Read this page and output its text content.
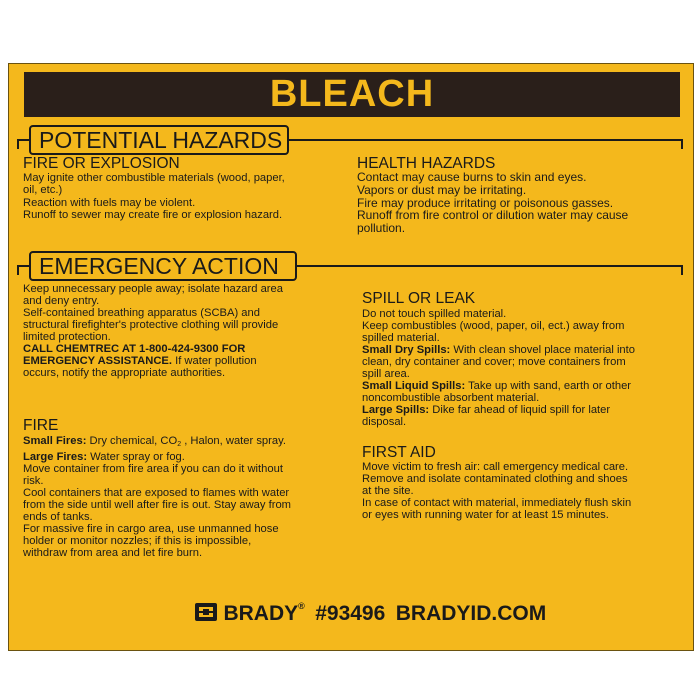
BLEACH
POTENTIAL HAZARDS
FIRE OR EXPLOSION

May ignite other combustible materials (wood, paper,

oil, etc.)

Reaction with fuels may be violent.

Runoff to sewer may create fire or explosion hazard.

HEALTH HAZARDS

Contact may cause burns to skin and eyes.

Vapors or dust may be irritating.

Fire may produce irritating or poisonous gasses.

Runoff from fire control or dilution water may cause

pollution.

EMERGENCY ACTION

Keep unnecessary people away; isolate hazard area

and deny entry.

Self-contained breathing apparatus (SCBA) and

structural firefighter's protective clothing will provide

limited protection.

CALL CHEMTREC AT 1-800-424-9300 FOR

EMERGENCY ASSISTANCE. If water pollution

occurs, notify the appropriate authorities.

FIRE

Small Fires: Dry chemical, $CO_2$ , Halon, water spray.

Large Fires: Water spray or fog.

Move container from fire area if you can do it without

risk.

Cool containers that are exposed to flames with water

from the side until well after fire is out. Stay away from

ends of tanks.

For massive fire in cargo area, use unmanned hose

holder or monitor nozzles; if this is impossible,

withdraw from area and let fire burn.

SPILL OR LEAK

Do not touch spilled material.

Keep combustibles (wood, paper, oil, ect.) away from

spilled material.

Small Dry Spills: With clean shovel place material into

clean, dry container and cover; move containers from

spill area.

Small Liquid Spills: Take up with sand, earth or other

noncombustible absorbent material.

Large Spills: Dike far ahead of liquid spill for later

disposal.

FIRST AID

Move victim to fresh air: call emergency medical care.

Remove and isolate contaminated clothing and shoes

at the site.

In case of contact with material, immediately flush skin

or eyes with running water for at least 15 minutes.

BRADY® #93496 BRADYID.COM
